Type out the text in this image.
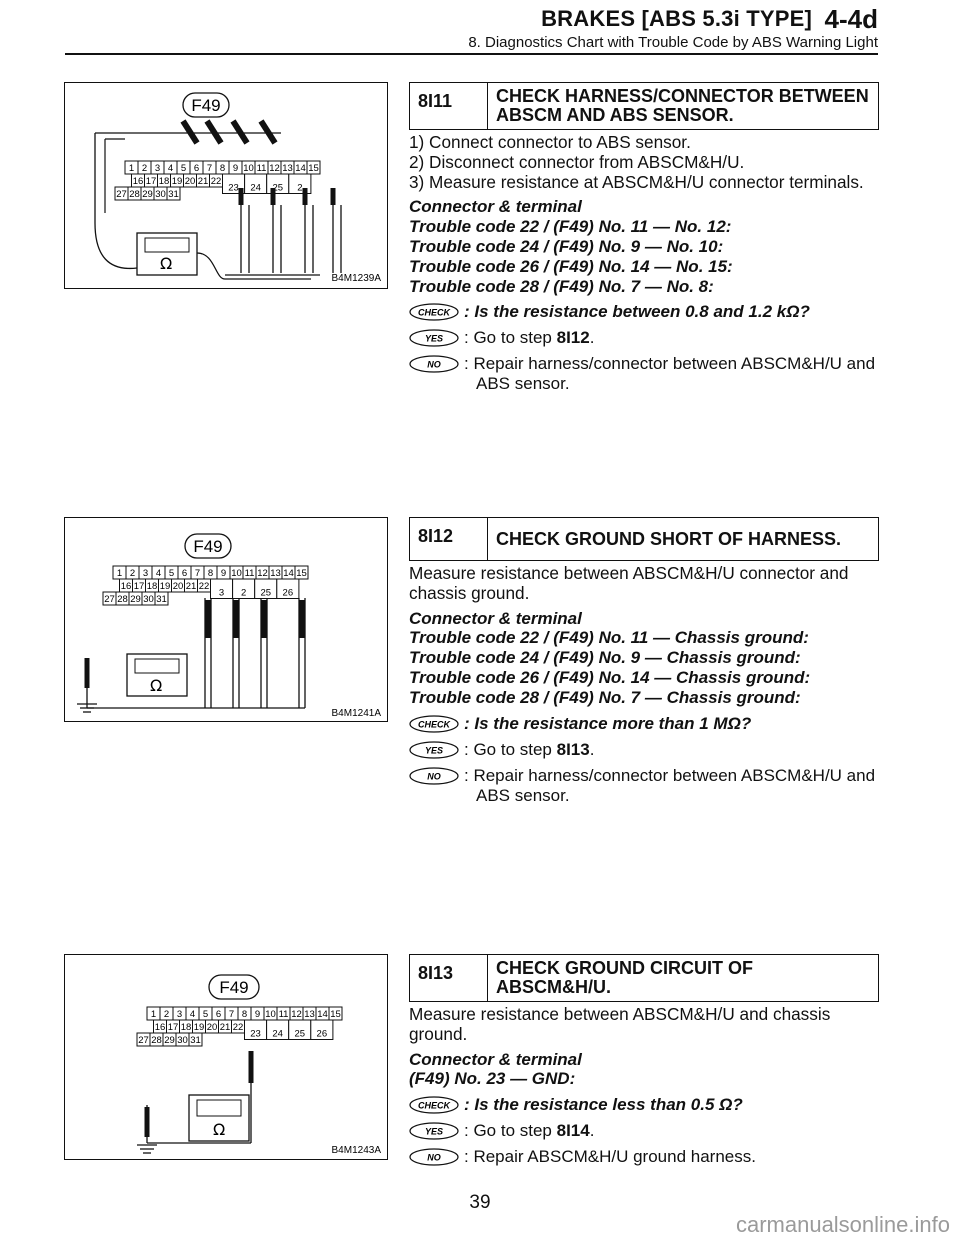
BRAKES [ABS 5.3i TYPE] 4-4d
8. Diagnostics Chart with Trouble Code by ABS Warning Light
F49
1 2 3 4 5 6 7 8 9 10 11 12 13 14 15
16 17 18 19 20 21 22
23 24 25 2
27 28 29 30 31
Ω
B4M1239A
F49
1 2 3 4 5 6 7 8 9 10 11 12 13 14 15
16 17 18 19 20 21 22
3 2 25 26
27 28 29 30 31
Ω
B4M1241A
F49
1 2 3 4 5 6 7 8 9 10 11 12 13 14 15
16 17 18 19 20 21 22
23 24 25 26
27 28 29 30 31
Ω
B4M1243A
8I11	CHECK HARNESS/CONNECTOR BETWEEN ABSCM AND ABS SENSOR.

1) Connect connector to ABS sensor.

2) Disconnect connector from ABSCM&H/U.

3) Measure resistance at ABSCM&H/U connector terminals.

Connector & terminal
Trouble code 22 / (F49) No. 11 — No. 12:
Trouble code 24 / (F49) No. 9 — No. 10:
Trouble code 26 / (F49) No. 14 — No. 15:
Trouble code 28 / (F49) No. 7 — No. 8:
CHECK : Is the resistance between 0.8 and 1.2 kΩ?
YES : Go to step 8I12.
NO : Repair harness/connector between ABSCM&H/U and ABS sensor.
8I12	CHECK GROUND SHORT OF HARNESS.

Measure resistance between ABSCM&H/U connector and chassis ground.

Connector & terminal
Trouble code 22 / (F49) No. 11 — Chassis ground:
Trouble code 24 / (F49) No. 9 — Chassis ground:
Trouble code 26 / (F49) No. 14 — Chassis ground:
Trouble code 28 / (F49) No. 7 — Chassis ground:
CHECK : Is the resistance more than 1 MΩ?
YES : Go to step 8I13.
NO : Repair harness/connector between ABSCM&H/U and ABS sensor.
8I13	CHECK GROUND CIRCUIT OF ABSCM&H/U.

Measure resistance between ABSCM&H/U and chassis ground.

Connector & terminal
(F49) No. 23 — GND:
CHECK : Is the resistance less than 0.5 Ω?
YES : Go to step 8I14.
NO : Repair ABSCM&H/U ground harness.
39
carmanualsonline.info
